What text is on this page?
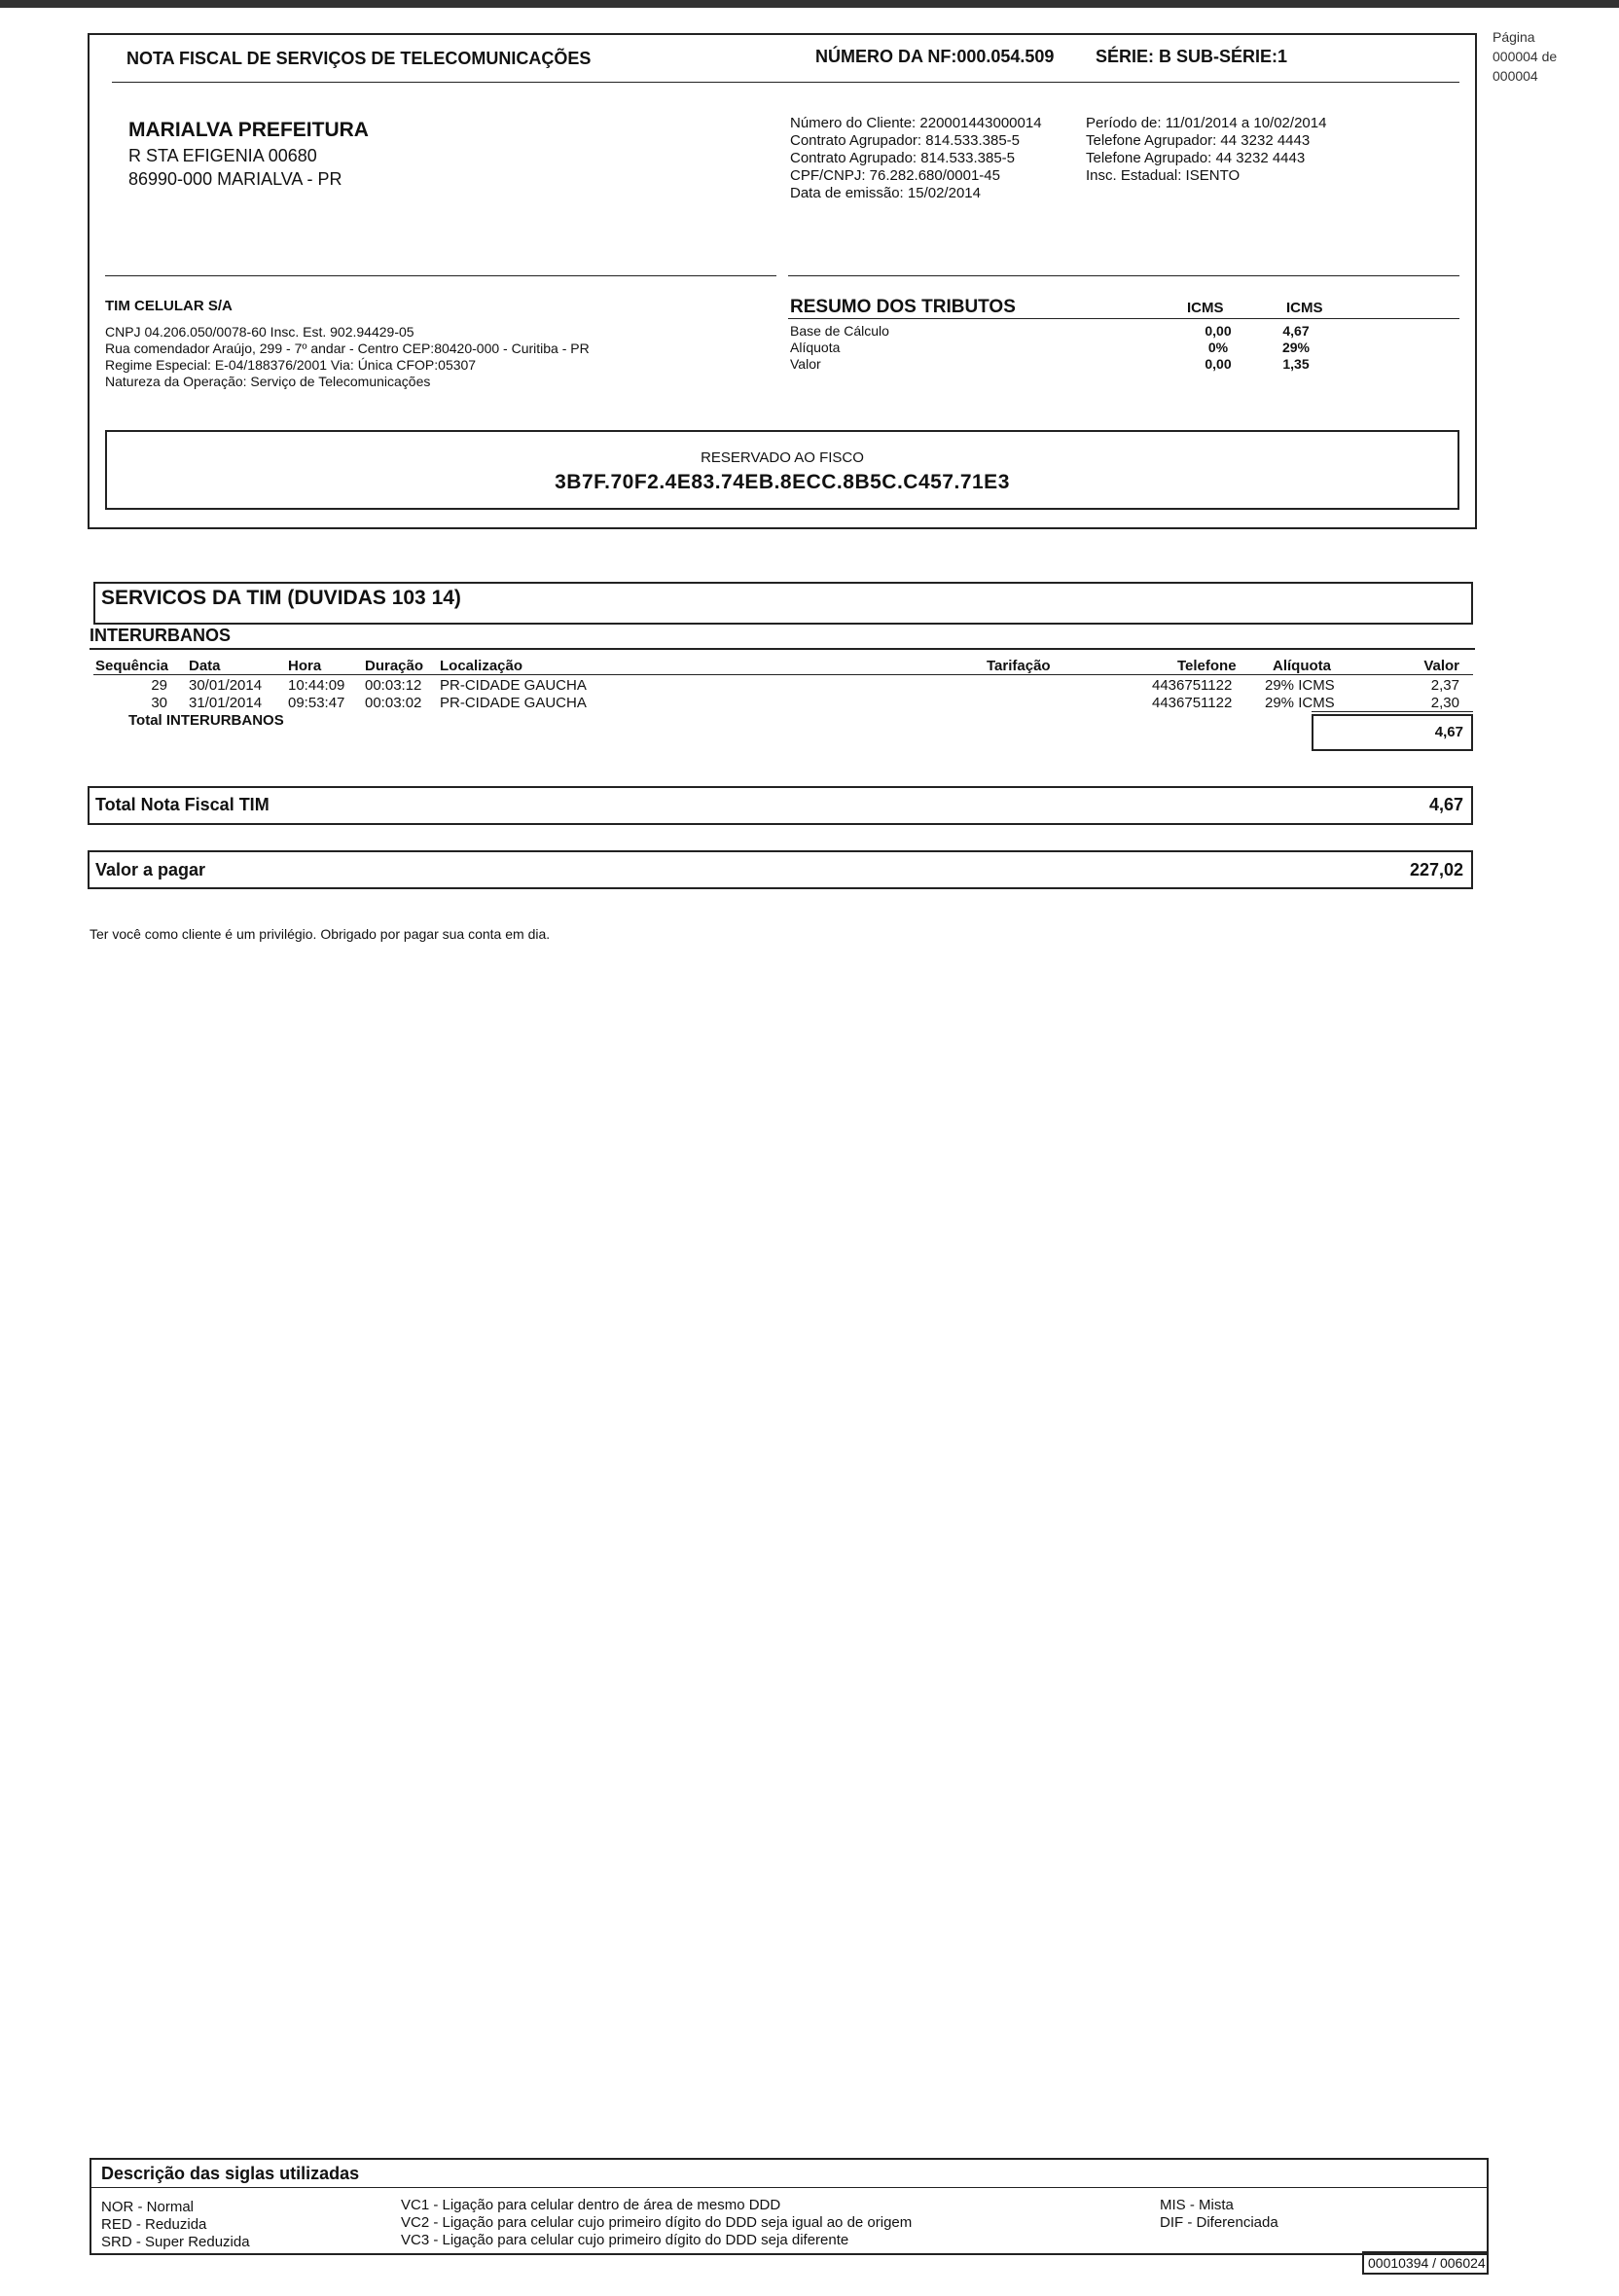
NOTA FISCAL DE SERVIÇOS DE TELECOMUNICAÇÕES	NÚMERO DA NF:000.054.509 SÉRIE: B SUB-SÉRIE:1
Página
000004 de
000004
MARIALVA PREFEITURA
R STA EFIGENIA 00680
86990-000 MARIALVA - PR
Número do Cliente: 220001443000014
Contrato Agrupador: 814.533.385-5
Contrato Agrupado: 814.533.385-5
CPF/CNPJ: 76.282.680/0001-45
Data de emissão: 15/02/2014
Período de: 11/01/2014 a 10/02/2014
Telefone Agrupador: 44 3232 4443
Telefone Agrupado: 44 3232 4443
Insc. Estadual: ISENTO
TIM CELULAR S/A
CNPJ 04.206.050/0078-60 Insc. Est. 902.94429-05
Rua comendador Araújo, 299 - 7º andar - Centro CEP:80420-000 - Curitiba - PR
Regime Especial: E-04/188376/2001 Via: Única CFOP:05307
Natureza da Operação: Serviço de Telecomunicações
RESUMO DOS TRIBUTOS	ICMS	ICMS
Base de Cálculo	0,00	4,67
Alíquota	0%	29%
Valor	0,00	1,35
RESERVADO AO FISCO
3B7F.70F2.4E83.74EB.8ECC.8B5C.C457.71E3
SERVICOS DA TIM (DUVIDAS 103 14)
INTERURBANOS
Sequência Data	Hora	Duração Localização	Tarifação	Telefone Alíquota	Valor
29 30/01/2014 10:44:09 00:03:12 PR-CIDADE GAUCHA	4436751122 29% ICMS	2,37
30 31/01/2014 09:53:47 00:03:02 PR-CIDADE GAUCHA	4436751122 29% ICMS	2,30
Total INTERURBANOS
4,67
Total Nota Fiscal TIM	4,67
Valor a pagar	227,02
Ter você como cliente é um privilégio. Obrigado por pagar sua conta em dia.
Descrição das siglas utilizadas
NOR - Normal
RED - Reduzida
SRD - Super Reduzida
VC1 - Ligação para celular dentro de área de mesmo DDD
VC2 - Ligação para celular cujo primeiro dígito do DDD seja igual ao de origem
VC3 - Ligação para celular cujo primeiro dígito do DDD seja diferente
MIS - Mista
DIF - Diferenciada
00010394 / 006024
